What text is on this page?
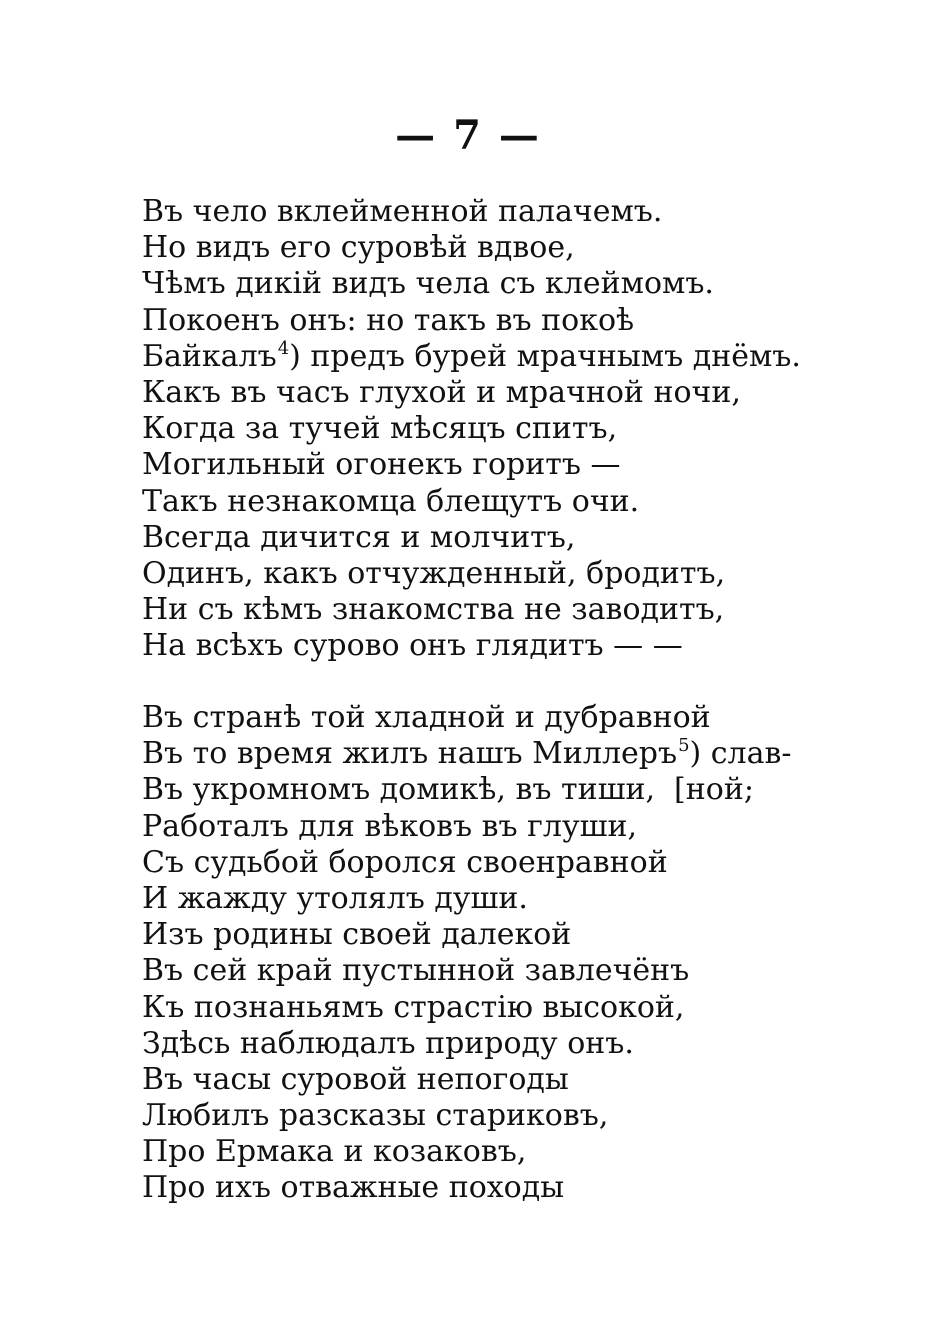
— 7 —
Въ чело вклейменной палачемъ.
Но видъ его суровѣй вдвое,
Чѣмъ дикій видъ чела съ клеймомъ.
Покоенъ онъ: но такъ въ покоѣ
Байкалъ$^4$) предъ бурей мрачнымъ днёмъ.
Какъ въ часъ глухой и мрачной ночи,
Когда за тучей мѣсяцъ спитъ,
Могильный огонекъ горитъ —
Такъ незнакомца блещутъ очи.
Всегда дичится и молчитъ,
Одинъ, какъ отчужденный, бродитъ,
Ни съ кѣмъ знакомства не заводитъ,
На всѣхъ сурово онъ глядитъ — —
Въ странѣ той хладной и дубравной
Въ то время жилъ нашъ Миллеръ$^5$) слав-
Въ укромномъ домикѣ, въ тиши,  [ной;
Работалъ для вѣковъ въ глуши,
Съ судьбой боролся своенравной
И жажду утолялъ души.
Изъ родины своей далекой
Въ сей край пустынной завлечёнъ
Къ познаньямъ страстію высокой,
Здѣсь наблюдалъ природу онъ.
Въ часы суровой непогоды
Любилъ разсказы стариковъ,
Про Ермака и козаковъ,
Про ихъ отважные походы
